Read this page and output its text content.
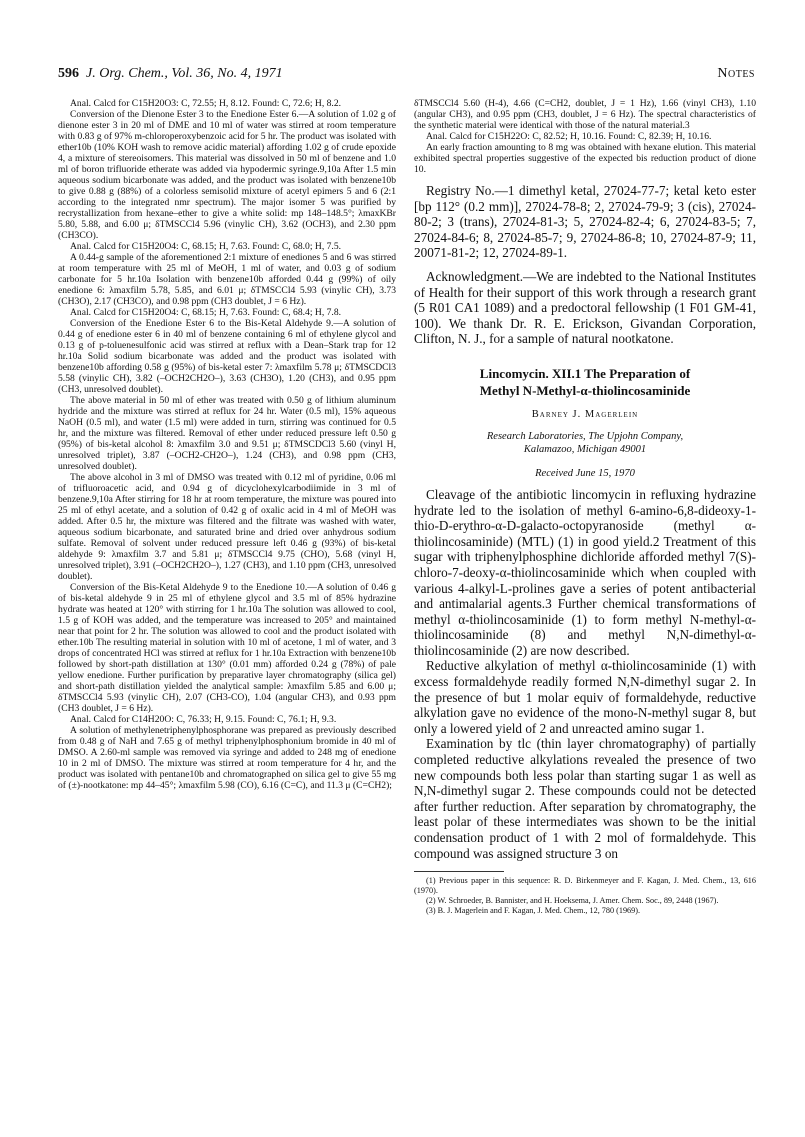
596 J. Org. Chem., Vol. 36, No. 4, 1971	Notes

Anal. Calcd for C15H20O3: C, 72.55; H, 8.12. Found: C, 72.6; H, 8.2.

Conversion of the Dienone Ester 3 to the Enedione Ester 6.—A solution of 1.02 g of dienone ester 3 in 20 ml of DME and 10 ml of water was stirred at room temperature with 0.83 g of 97% m-chloroperoxybenzoic acid for 5 hr. The product was isolated with ether10b (10% KOH wash to remove acidic material) affording 1.02 g of crude epoxide 4, a mixture of stereoisomers. This material was dissolved in 50 ml of benzene and 1.0 ml of boron trifluoride etherate was added via hypodermic syringe.9,10a After 1.5 min aqueous sodium bicarbonate was added, and the product was isolated with benzene10b to give 0.88 g (88%) of a colorless semisolid mixture of acetyl epimers 5 and 6 (2:1 according to the integrated nmr spectrum). The major isomer 5 was purified by recrystallization from hexane–ether to give a white solid: mp 148–148.5°; λmaxKBr 5.80, 5.88, and 6.00 μ; δTMSCCl4 5.96 (vinylic CH), 3.62 (OCH3), and 2.30 ppm (CH3CO).

Anal. Calcd for C15H20O4: C, 68.15; H, 7.63. Found: C, 68.0; H, 7.5.

A 0.44-g sample of the aforementioned 2:1 mixture of enediones 5 and 6 was stirred at room temperature with 25 ml of MeOH, 1 ml of water, and 0.03 g of sodium carbonate for 5 hr.10a Isolation with benzene10b afforded 0.44 g (99%) of oily enedione 6: λmaxfilm 5.78, 5.85, and 6.01 μ; δTMSCCl4 5.93 (vinylic CH), 3.73 (CH3O), 2.17 (CH3CO), and 0.98 ppm (CH3 doublet, J = 6 Hz).

Anal. Calcd for C15H20O4: C, 68.15; H, 7.63. Found: C, 68.4; H, 7.8.

Conversion of the Enedione Ester 6 to the Bis-Ketal Aldehyde 9.—A solution of 0.44 g of enedione ester 6 in 40 ml of benzene containing 6 ml of ethylene glycol and 0.13 g of p-toluenesulfonic acid was stirred at reflux with a Dean–Stark trap for 12 hr.10a Solid sodium bicarbonate was added and the product was isolated with benzene10b affording 0.58 g (95%) of bis-ketal ester 7: λmaxfilm 5.78 μ; δTMSCDCl3 5.58 (vinylic CH), 3.82 (–OCH2CH2O–), 3.63 (CH3O), 1.20 (CH3), and 0.95 ppm (CH3, unresolved doublet).

The above material in 50 ml of ether was treated with 0.50 g of lithium aluminum hydride and the mixture was stirred at reflux for 24 hr. Water (0.5 ml), 15% aqueous NaOH (0.5 ml), and water (1.5 ml) were added in turn, stirring was continued for 0.5 hr, and the mixture was filtered. Removal of ether under reduced pressure left 0.50 g (95%) of bis-ketal alcohol 8: λmaxfilm 3.0 and 9.51 μ; δTMSCDCl3 5.60 (vinyl H, unresolved triplet), 3.87 (–OCH2-CH2O–), 1.24 (CH3), and 0.98 ppm (CH3, unresolved doublet).

The above alcohol in 3 ml of DMSO was treated with 0.12 ml of pyridine, 0.06 ml of trifluoroacetic acid, and 0.94 g of dicyclohexylcarbodiimide in 3 ml of benzene.9,10a After stirring for 18 hr at room temperature, the mixture was poured into 25 ml of ethyl acetate, and a solution of 0.42 g of oxalic acid in 4 ml of MeOH was added. After 0.5 hr, the mixture was filtered and the filtrate was washed with water, aqueous sodium bicarbonate, and saturated brine and dried over anhydrous sodium sulfate. Removal of solvent under reduced pressure left 0.46 g (93%) of bis-ketal aldehyde 9: λmaxfilm 3.7 and 5.81 μ; δTMSCCl4 9.75 (CHO), 5.68 (vinyl H, unresolved triplet), 3.91 (–OCH2CH2O–), 1.27 (CH3), and 1.10 ppm (CH3, unresolved doublet).

Conversion of the Bis-Ketal Aldehyde 9 to the Enedione 10.—A solution of 0.46 g of bis-ketal aldehyde 9 in 25 ml of ethylene glycol and 3.5 ml of 85% hydrazine hydrate was heated at 120° with stirring for 1 hr.10a The solution was allowed to cool, 1.5 g of KOH was added, and the temperature was increased to 205° and maintained near that point for 2 hr. The solution was allowed to cool and the product isolated with ether.10b The resulting material in solution with 10 ml of acetone, 1 ml of water, and 3 drops of concentrated HCl was stirred at reflux for 1 hr.10a Extraction with benzene10b followed by short-path distillation at 130° (0.01 mm) afforded 0.24 g (78%) of pale yellow enedione. Further purification by preparative layer chromatography (silica gel) and short-path distillation yielded the analytical sample: λmaxfilm 5.85 and 6.00 μ; δTMSCCl4 5.93 (vinylic CH), 2.07 (CH3-CO), 1.04 (angular CH3), and 0.93 ppm (CH3 doublet, J = 6 Hz).

Anal. Calcd for C14H20O: C, 76.33; H, 9.15. Found: C, 76.1; H, 9.3.

A solution of methylenetriphenylphosphorane was prepared as previously described from 0.48 g of NaH and 7.65 g of methyl triphenylphosphonium bromide in 40 ml of DMSO. A 2.60-ml sample was removed via syringe and added to 248 mg of enedione 10 in 2 ml of DMSO. The mixture was stirred at room temperature for 4 hr, and the product was isolated with pentane10b and chromatographed on silica gel to give 55 mg of (±)-nootkatone: mp 44–45°; λmaxfilm 5.98 (CO), 6.16 (C=C), and 11.3 μ (C=CH2);

δTMSCCl4 5.60 (H-4), 4.66 (C=CH2, doublet, J = 1 Hz), 1.66 (vinyl CH3), 1.10 (angular CH3), and 0.95 ppm (CH3, doublet, J = 6 Hz). The spectral characteristics of the synthetic material were identical with those of the natural material.3

Anal. Calcd for C15H22O: C, 82.52; H, 10.16. Found: C, 82.39; H, 10.16.

An early fraction amounting to 8 mg was obtained with hexane elution. This material exhibited spectral properties suggestive of the expected bis reduction product of dione 10.

Registry No.—1 dimethyl ketal, 27024-77-7; ketal keto ester [bp 112° (0.2 mm)], 27024-78-8; 2, 27024-79-9; 3 (cis), 27024-80-2; 3 (trans), 27024-81-3; 5, 27024-82-4; 6, 27024-83-5; 7, 27024-84-6; 8, 27024-85-7; 9, 27024-86-8; 10, 27024-87-9; 11, 20071-81-2; 12, 27024-89-1.

Acknowledgment.—We are indebted to the National Institutes of Health for their support of this work through a research grant (5 R01 CA1 1089) and a predoctoral fellowship (1 F01 GM-41, 100). We thank Dr. R. E. Erickson, Givandan Corporation, Clifton, N. J., for a sample of natural nootkatone.

Lincomycin. XII.1 The Preparation of
Methyl N-Methyl-α-thiolincosaminide
Barney J. Magerlein
Research Laboratories, The Upjohn Company,
Kalamazoo, Michigan 49001
Received June 15, 1970

Cleavage of the antibiotic lincomycin in refluxing hydrazine hydrate led to the isolation of methyl 6-amino-6,8-dideoxy-1-thio-D-erythro-α-D-galacto-octopyranoside (methyl α-thiolincosaminide) (MTL) (1) in good yield.2 Treatment of this sugar with triphenylphosphine dichloride afforded methyl 7(S)-chloro-7-deoxy-α-thiolincosaminide which when coupled with various 4-alkyl-L-prolines gave a series of potent antibacterial and antimalarial agents.3 Further chemical transformations of methyl α-thiolincosaminide (1) to form methyl N-methyl-α-thiolincosaminide (8) and methyl N,N-dimethyl-α-thiolincosaminide (2) are now described.

Reductive alkylation of methyl α-thiolincosaminide (1) with excess formaldehyde readily formed N,N-dimethyl sugar 2. In the presence of but 1 molar equiv of formaldehyde, reductive alkylation gave no evidence of the mono-N-methyl sugar 8, but only a lowered yield of 2 and unreacted amino sugar 1.

Examination by tlc (thin layer chromatography) of partially completed reductive alkylations revealed the presence of two new compounds both less polar than starting sugar 1 as well as N,N-dimethyl sugar 2. These compounds could not be detected after further reduction. After separation by chromatography, the least polar of these intermediates was shown to be the initial condensation product of 1 with 2 mol of formaldehyde. This compound was assigned structure 3 on

(1) Previous paper in this sequence: R. D. Birkenmeyer and F. Kagan, J. Med. Chem., 13, 616 (1970).

(2) W. Schroeder, B. Bannister, and H. Hoeksema, J. Amer. Chem. Soc., 89, 2448 (1967).

(3) B. J. Magerlein and F. Kagan, J. Med. Chem., 12, 780 (1969).
